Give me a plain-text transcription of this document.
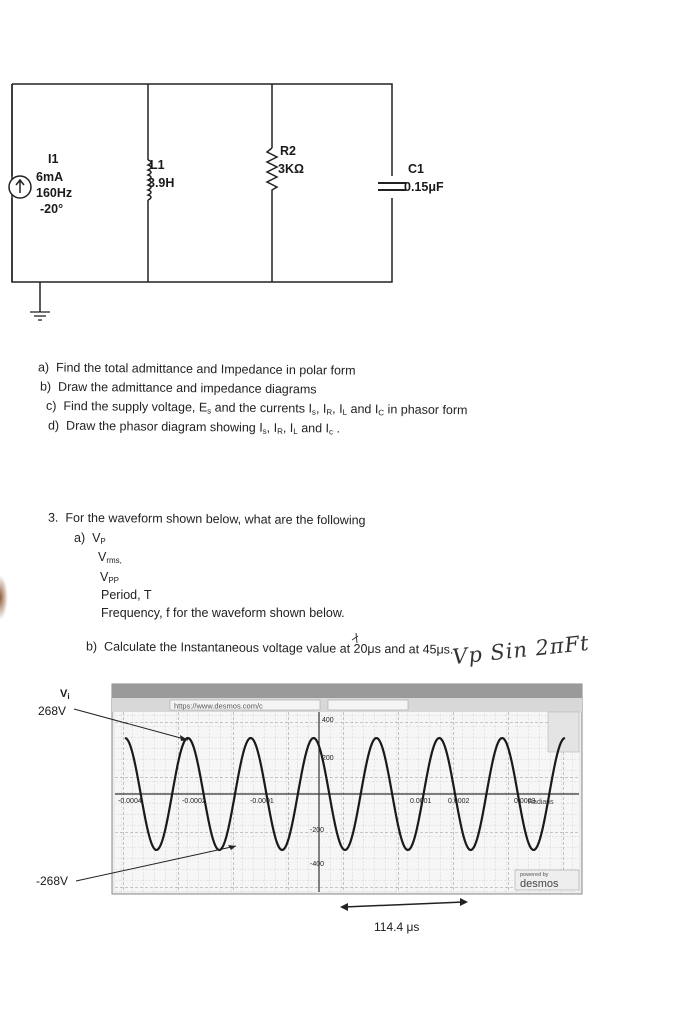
I1
6mA
160Hz
-20°
L1
3.9H
R2
3KΩ	C1
0.15μF
a) Find the total admittance and Impedance in polar form
b) Draw the admittance and impedance diagrams
c) Find the supply voltage, $E_s$ and the currents $I_s$, $I_R$, $I_L$ and $I_C$ in phasor form
d) Draw the phasor diagram showing $I_s$, $I_R$, $I_L$ and $I_c$ .
3. For the waveform shown below, what are the following
a) $V_P$
$V_{rms,}$
$V_{PP}$
Period, T
Frequency, f for the waveform shown below.
b) Calculate the Instantaneous voltage value at 20μs and at 45μs.
Vp Sin 2πFt
$V_i$
268V
-268V
114.4 μs
https://www.desmos.com/c
powered by
desmos
Radians
400
200
-200
-400
-0.0004	-0.0002	-0.0001	0.0001 0.0002	0.0003
